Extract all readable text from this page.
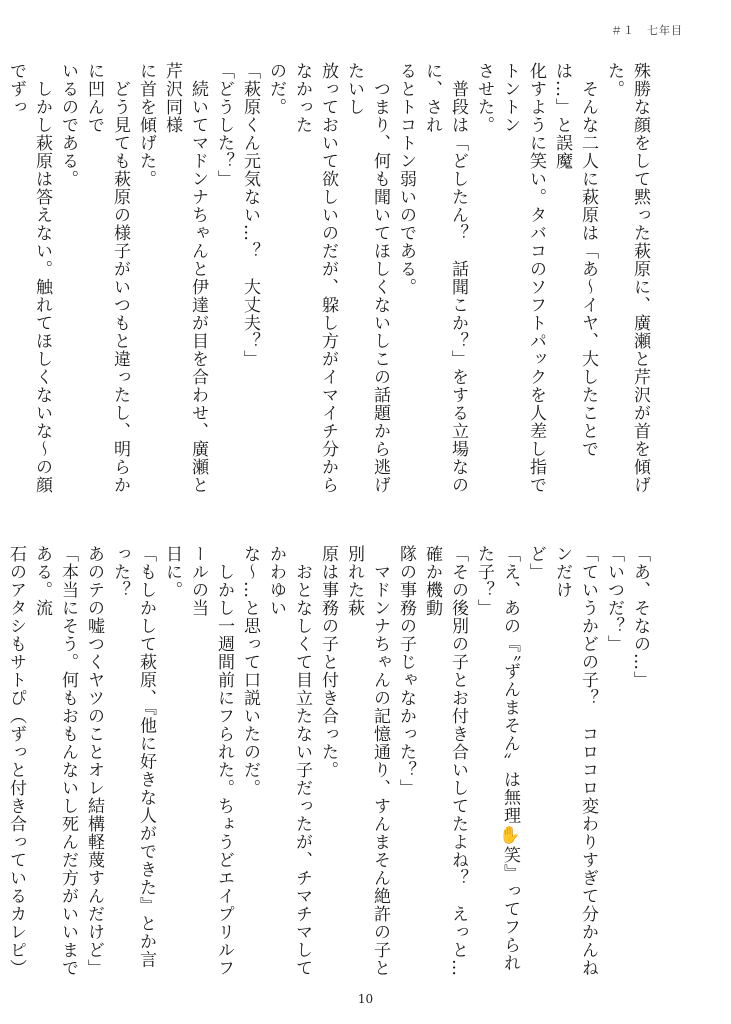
＃１　七年目

殊勝な顔をして黙った萩原に、廣瀬と芹沢が首を傾げた。

　そんな二人に萩原は「あ〜イヤ、大したことでは…」と誤魔

化すように笑い。タバコのソフトパックを人差し指でトントン

させた。

　普段は「どしたん？　話聞こか？」をする立場なのに、され

るとトコトン弱いのである。

　つまり、何も聞いてほしくないしこの話題から逃げたいし

放っておいて欲しいのだが、躱し方がイマイチ分からなかった

のだ。

「萩原くん元気ない…？　大丈夫？」

「どうした？」

　続いてマドンナちゃんと伊達が目を合わせ、廣瀬と芹沢同様

に首を傾げた。

　どう見ても萩原の様子がいつもと違ったし、明らかに凹んで

いるのである。

　しかし萩原は答えない。触れてほしくないな〜の顔でずっ

「あ、そなの…」

「いつだ？」

「ていうかどの子？　コロコロ変わりすぎて分かんねンだけ

ど」

「え、あの『〝ずんまそん〟は無理✋笑』ってフられた子？」

「その後別の子とお付き合いしてたよね？　えっと…確か機動

隊の事務の子じゃなかった？」

　マドンナちゃんの記憶通り、すんまそん絶許の子と別れた萩

原は事務の子と付き合った。

　おとなしくて目立たない子だったが、チマチマしてかわゆい

な〜…と思って口説いたのだ。

　しかし一週間前にフられた。ちょうどエイプリルフールの当

日に。

「もしかして萩原、『他に好きな人ができた』とか言った？

あのテの嘘つくヤツのことオレ結構軽蔑すんだけど」

「本当にそう。何もおもんないし死んだ方がいいまである。流

石のアタシもサトぴ（ずっと付き合っているカレピ）

10
